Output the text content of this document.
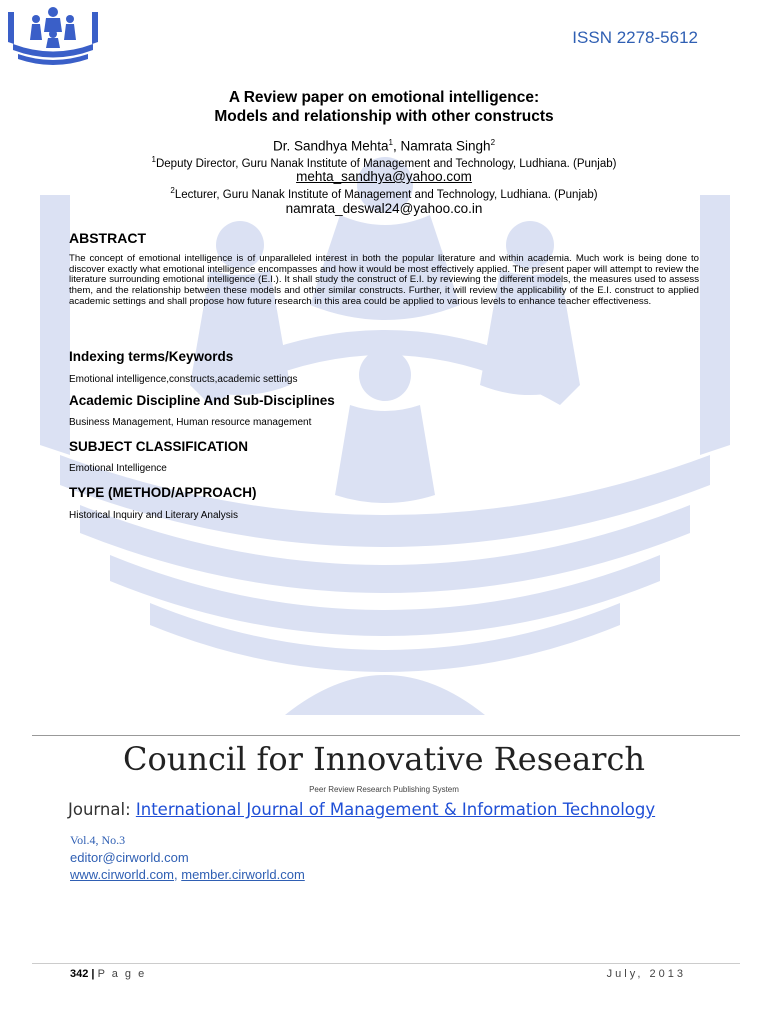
ISSN 2278-5612
A Review paper on emotional intelligence:
Models and relationship with other constructs
Dr. Sandhya Mehta$^1$, Namrata Singh$^2$
$^1$Deputy Director, Guru Nanak Institute of Management and Technology, Ludhiana. (Punjab)
mehta_sandhya@yahoo.com
$^2$Lecturer, Guru Nanak Institute of Management and Technology, Ludhiana. (Punjab)
namrata_deswal24@yahoo.co.in
ABSTRACT

The concept of emotional intelligence is of unparalleled interest in both the popular literature and within academia. Much work is being done to discover exactly what emotional intelligence encompasses and how it would be most effectively applied. The present paper will attempt to review the literature surrounding emotional intelligence (E.I.). It shall study the construct of E.I. by reviewing the different models, the measures used to assess them, and the relationship between these models and other similar constructs. Further, it will review the applicability of the E.I. construct to applied academic settings and shall propose how future research in this area could be applied to various levels to enhance teacher effectiveness.

Indexing terms/Keywords
Emotional intelligence,constructs,academic settings
Academic Discipline And Sub-Disciplines
Business Management, Human resource management
SUBJECT CLASSIFICATION
Emotional Intelligence
TYPE (METHOD/APPROACH)
Historical Inquiry and Literary Analysis
Council for Innovative Research
Peer Review Research Publishing System
Journal: International Journal of Management & Information Technology
Vol.4, No.3
editor@cirworld.com
www.cirworld.com, member.cirworld.com
342 | P a g e	July, 2013
